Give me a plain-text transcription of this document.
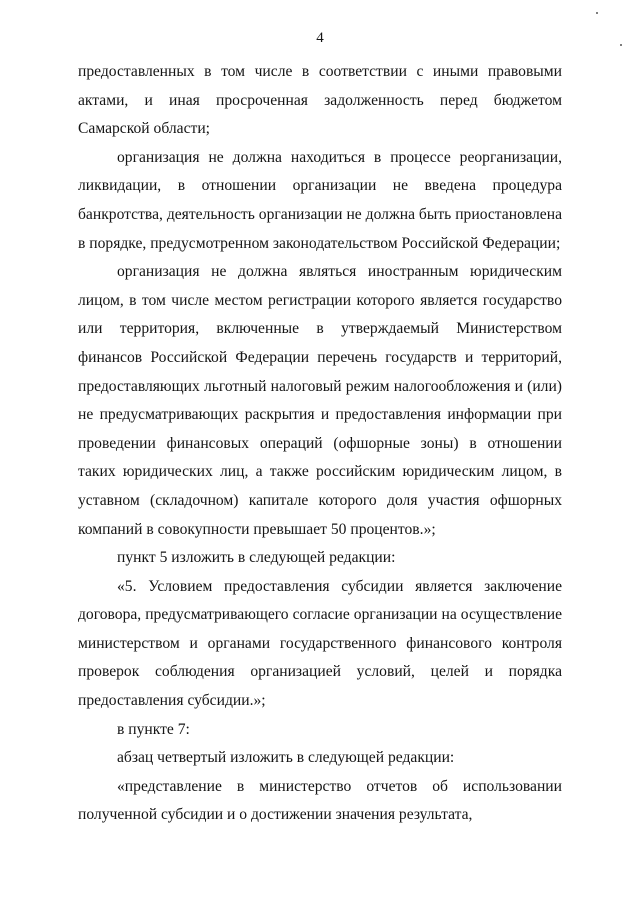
4

предоставленных в том числе в соответствии с иными правовыми актами, и иная просроченная задолженность перед бюджетом Самарской области;

организация не должна находиться в процессе реорганизации, ликвидации, в отношении организации не введена процедура банкротства, деятельность организации не должна быть приостановлена в порядке, предусмотренном законодательством Российской Федерации;

организация не должна являться иностранным юридическим лицом, в том числе местом регистрации которого является государство или территория, включенные в утверждаемый Министерством финансов Российской Федерации перечень государств и территорий, предоставляющих льготный налоговый режим налогообложения и (или) не предусматривающих раскрытия и предоставления информации при проведении финансовых операций (офшорные зоны) в отношении таких юридических лиц, а также российским юридическим лицом, в уставном (складочном) капитале которого доля участия офшорных компаний в совокупности превышает 50 процентов.»;

пункт 5 изложить в следующей редакции:

«5. Условием предоставления субсидии является заключение договора, предусматривающего согласие организации на осуществление министерством и органами государственного финансового контроля проверок соблюдения организацией условий, целей и порядка предоставления субсидии.»;

в пункте 7:

абзац четвертый изложить в следующей редакции:

«представление в министерство отчетов об использовании полученной субсидии и о достижении значения результата,
